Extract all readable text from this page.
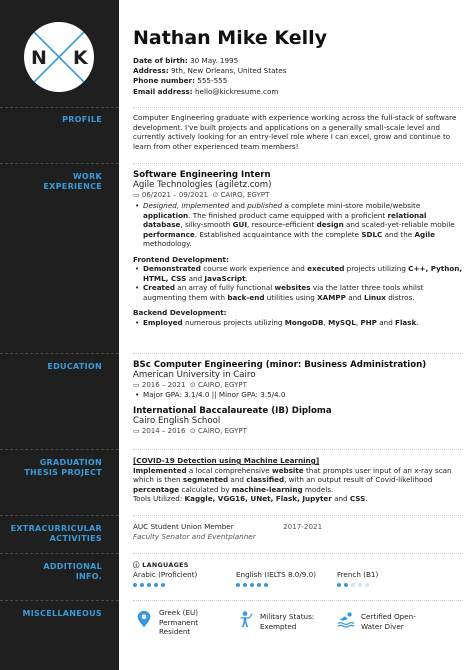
N K
PROFILE
WORK
EXPERIENCE
EDUCATION
GRADUATION
THESIS PROJECT
EXTRACURRICULAR
ACTIVITIES
ADDITIONAL
INFO.
MISCELLANEOUS
Nathan Mike Kelly
Date of birth: 30 May. 1995
Address: 9th, New Orleans, United States
Phone number: 555-555
Email address: hello@kickresume.com

Computer Engineering graduate with experience working across the full-stack of software development. I've built projects and applications on a generally small-scale level and currently actively looking for an entry-level role where I can excel, grow and continue to learn from other experienced team members!

Software Engineering Intern
Agile Technologies (agiletz.com)
▭ 06/2021 – 09/2021 ⊙ CAIRO, EGYPT
• Designed, implemented and published a complete mini-store mobile/website application. The finished product came equipped with a proficient relational database, silky-smooth GUI, resource-efficient design and scaled-yet-reliable mobile performance. Established acquaintance with the complete SDLC and the Agile methodology.
Frontend Development:
• Demonstrated course work experience and executed projects utilizing C++, Python, HTML, CSS and JavaScript.
• Created an array of fully functional websites via the latter three tools whilst augmenting them with back-end utilities using XAMPP and Linux distros.
Backend Development:
• Employed numerous projects utilizing MongoDB, MySQL, PHP and Flask.
BSc Computer Engineering (minor: Business Administration)
American University in Cairo
▭ 2016 – 2021 ⊙ CAIRO, EGYPT
• Major GPA: 3.1/4.0 || Minor GPA: 3.5/4.0
International Baccalaureate (IB) Diploma
Cairo English School
▭ 2014 – 2016 ⊙ CAIRO, EGYPT
[COVID-19 Detection using Machine Learning]

Implemented a local comprehensive website that prompts user input of an x-ray scan which is then segmented and classified, with an output result of Covid-likelihood percentage calculated by machine-learning models.

Tools Utilized: Kaggle, VGG16, UNet, Flask, Jupyter and CSS.

AUC Student Union Member	2017-2021
Faculty Senator and Eventplanner
ⓘ LANGUAGES
Arabic (Proficient)	English (IELTS 8.0/9.0)	French (B1)
Greek (EU)
Permanent
Resident
Military Status:
Exempted
Certified Open-
Water Diver
